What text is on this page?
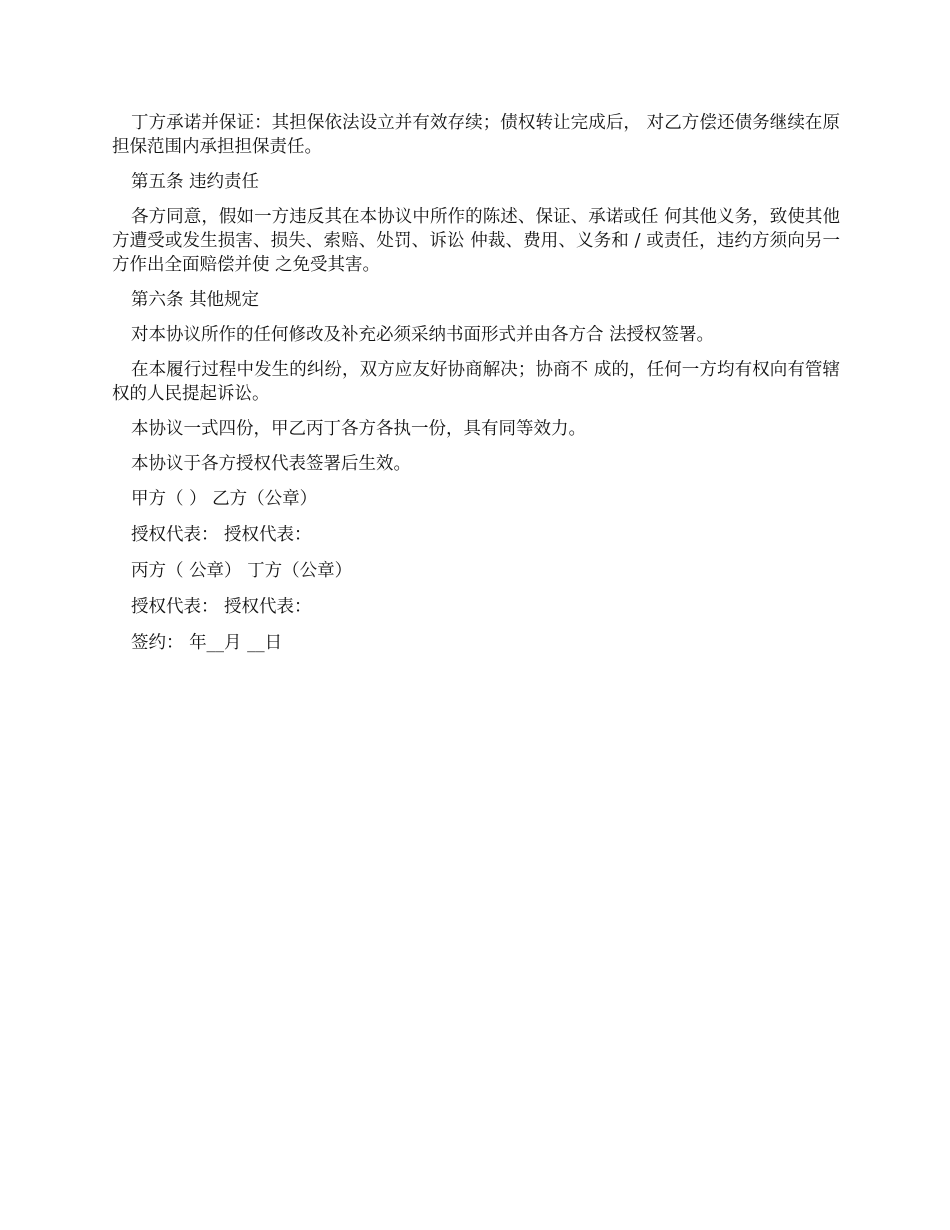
丁方承诺并保证：其担保依法设立并有效存续；债权转让完成后， 对乙方偿还债务继续在原担保范围内承担担保责任。

第五条 违约责任

各方同意，假如一方违反其在本协议中所作的陈述、保证、承诺或任 何其他义务，致使其他方遭受或发生损害、损失、索赔、处罚、诉讼 仲裁、费用、义务和 / 或责任，违约方须向另一方作出全面赔偿并使 之免受其害。

第六条 其他规定

对本协议所作的任何修改及补充必须采纳书面形式并由各方合 法授权签署。

在本履行过程中发生的纠纷，双方应友好协商解决；协商不 成的，任何一方均有权向有管辖权的人民提起诉讼。

本协议一式四份，甲乙丙丁各方各执一份，具有同等效力。

本协议于各方授权代表签署后生效。

甲方（ ） 乙方（公章）

授权代表： 授权代表：

丙方（ 公章） 丁方（公章）

授权代表： 授权代表：

签约： 年__月 __日
